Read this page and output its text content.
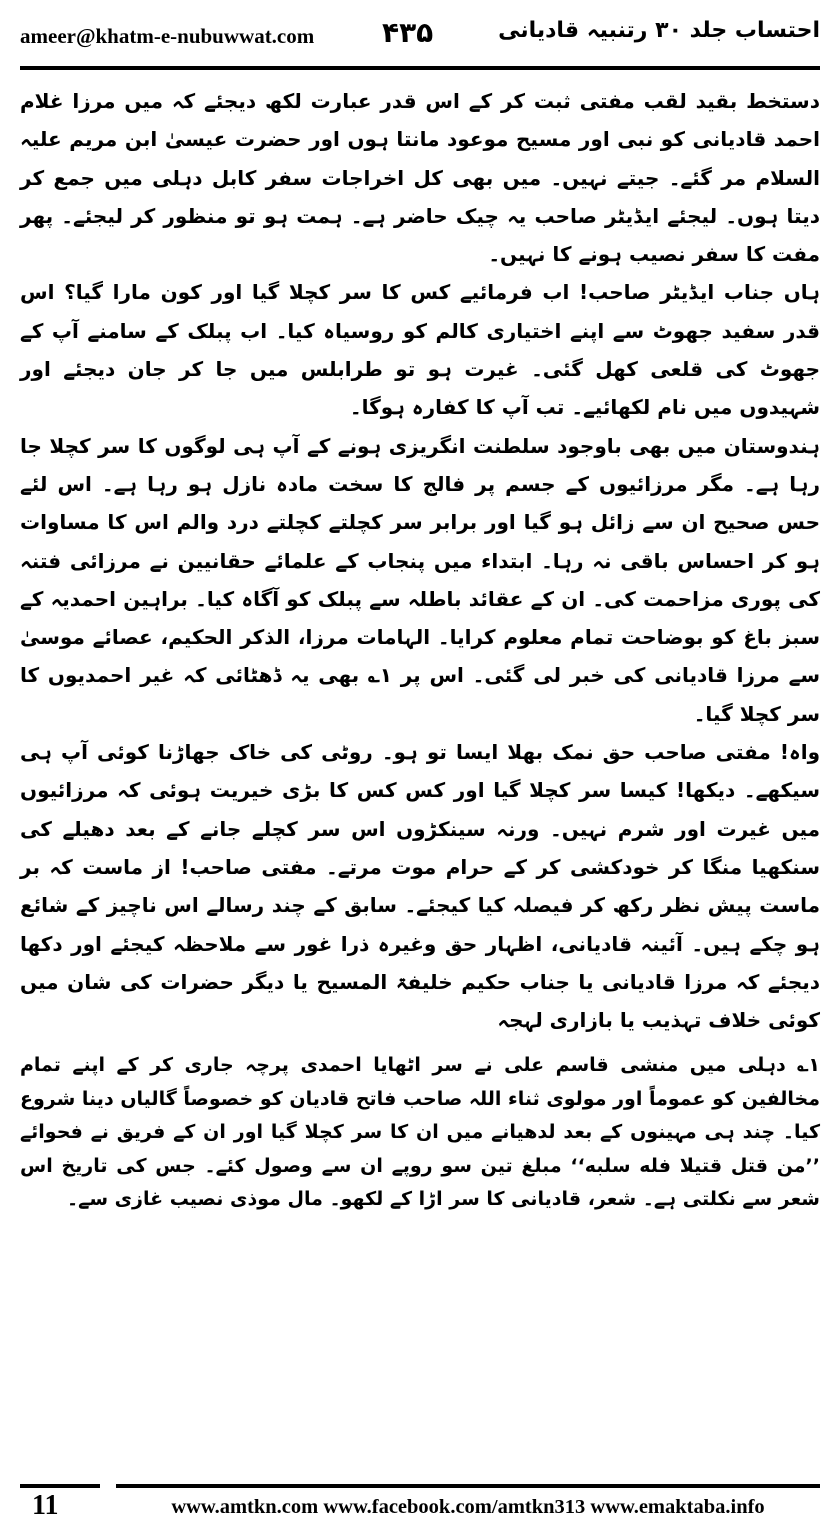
ameer@khatm-e-nubuwwat.com ۴۳۵	احتساب جلد ۳۰ رتنبیہ قادیانی

دستخط بقید لقب مفتی ثبت کر کے اس قدر عبارت لکھ دیجئے کہ میں مرزا غلام احمد قادیانی کو نبی اور مسیح موعود مانتا ہوں اور حضرت عیسیٰ ابن مریم علیہ السلام مر گئے۔ جیتے نہیں۔ میں بھی کل اخراجات سفر کابل دہلی میں جمع کر دیتا ہوں۔ لیجئے ایڈیٹر صاحب یہ چیک حاضر ہے۔ ہمت ہو تو منظور کر لیجئے۔ پھر مفت کا سفر نصیب ہونے کا نہیں۔

ہاں جناب ایڈیٹر صاحب! اب فرمائیے کس کا سر کچلا گیا اور کون مارا گیا؟ اس قدر سفید جھوٹ سے اپنے اختیاری کالم کو روسیاہ کیا۔ اب پبلک کے سامنے آپ کے جھوٹ کی قلعی کھل گئی۔ غیرت ہو تو طرابلس میں جا کر جان دیجئے اور شہیدوں میں نام لکھائیے۔ تب آپ کا کفارہ ہوگا۔

ہندوستان میں بھی باوجود سلطنت انگریزی ہونے کے آپ ہی لوگوں کا سر کچلا جا رہا ہے۔ مگر مرزائیوں کے جسم پر فالج کا سخت مادہ نازل ہو رہا ہے۔ اس لئے حس صحیح ان سے زائل ہو گیا اور برابر سر کچلتے کچلتے درد والم اس کا مساوات ہو کر احساس باقی نہ رہا۔ ابتداء میں پنجاب کے علمائے حقانیین نے مرزائی فتنہ کی پوری مزاحمت کی۔ ان کے عقائد باطلہ سے پبلک کو آگاہ کیا۔ براہین احمدیہ کے سبز باغ کو بوضاحت تمام معلوم کرایا۔ الہامات مرزا، الذکر الحکیم، عصائے موسیٰ سے مرزا قادیانی کی خبر لی گئی۔ اس پر ۱؎ بھی یہ ڈھٹائی کہ غیر احمدیوں کا سر کچلا گیا۔

واہ! مفتی صاحب حق نمک بھلا ایسا تو ہو۔ روٹی کی خاک جھاڑنا کوئی آپ ہی سیکھے۔ دیکھا! کیسا سر کچلا گیا اور کس کس کا بڑی خیریت ہوئی کہ مرزائیوں میں غیرت اور شرم نہیں۔ ورنہ سینکڑوں اس سر کچلے جانے کے بعد دھیلے کی سنکھیا منگا کر خودکشی کر کے حرام موت مرتے۔ مفتی صاحب! از ماست کہ بر ماست پیش نظر رکھ کر فیصلہ کیا کیجئے۔ سابق کے چند رسالے اس ناچیز کے شائع ہو چکے ہیں۔ آئینہ قادیانی، اظہار حق وغیرہ ذرا غور سے ملاحظہ کیجئے اور دکھا دیجئے کہ مرزا قادیانی یا جناب حکیم خلیفۃ المسیح یا دیگر حضرات کی شان میں کوئی خلاف تہذیب یا بازاری لہجہ

۱؎ دہلی میں منشی قاسم علی نے سر اٹھایا احمدی پرچہ جاری کر کے اپنے تمام مخالفین کو عموماً اور مولوی ثناء اللہ صاحب فاتح قادیان کو خصوصاً گالیاں دینا شروع کیا۔ چند ہی مہینوں کے بعد لدھیانے میں ان کا سر کچلا گیا اور ان کے فریق نے فحوائے ’’من قتل قتیلا فله سلبه‘‘ مبلغ تین سو روپے ان سے وصول کئے۔ جس کی تاریخ اس شعر سے نکلتی ہے۔ شعر، قادیانی کا سر اڑا کے لکھو۔ مال موذی نصیب غازی سے۔

11	www.amtkn.com www.facebook.com/amtkn313 www.emaktaba.info
